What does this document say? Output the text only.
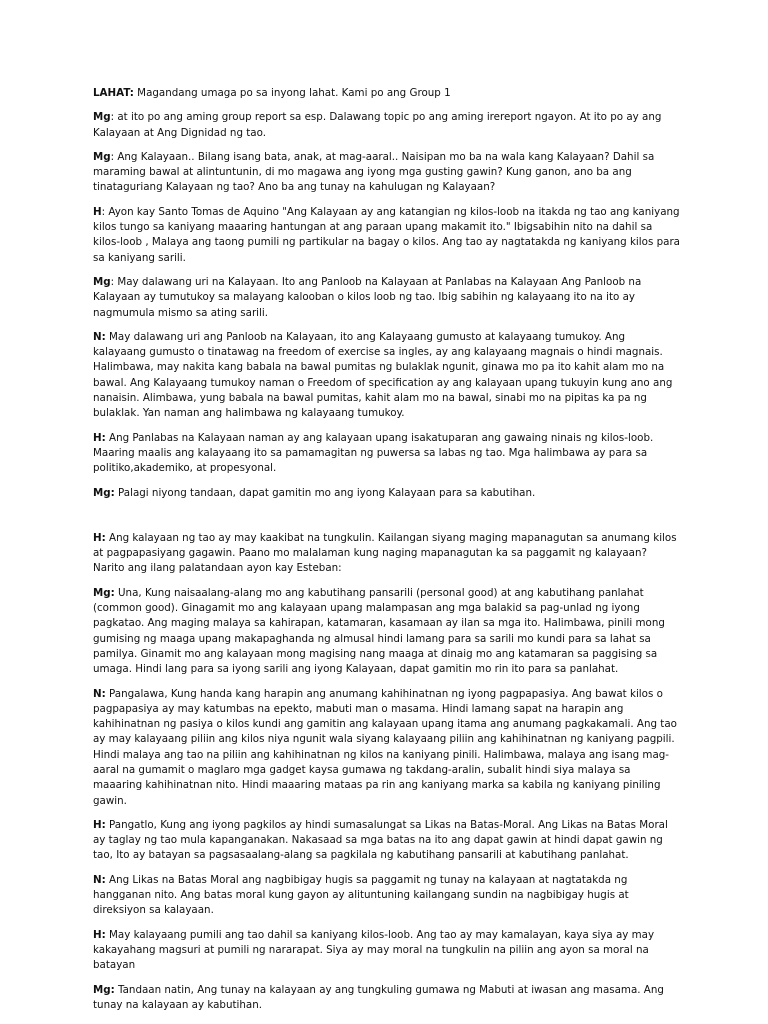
LAHAT: Magandang umaga po sa inyong lahat. Kami po ang Group 1

Mg: at ito po ang aming group report sa esp. Dalawang topic po ang aming irereport ngayon. At ito po ay ang Kalayaan at Ang Dignidad ng tao.

Mg: Ang Kalayaan.. Bilang isang bata, anak, at mag-aaral.. Naisipan mo ba na wala kang Kalayaan? Dahil sa maraming bawal at alintuntunin, di mo magawa ang iyong mga gusting gawin? Kung ganon, ano ba ang tinataguriang Kalayaan ng tao? Ano ba ang tunay na kahulugan ng Kalayaan?

H: Ayon kay Santo Tomas de Aquino "Ang Kalayaan ay ang katangian ng kilos-loob na itakda ng tao ang kaniyang kilos tungo sa kaniyang maaaring hantungan at ang paraan upang makamit ito." Ibigsabihin nito na dahil sa kilos-loob , Malaya ang taong pumili ng partikular na bagay o kilos. Ang tao ay nagtatakda ng kaniyang kilos para sa kaniyang sarili.

Mg: May dalawang uri na Kalayaan. Ito ang Panloob na Kalayaan at Panlabas na Kalayaan Ang Panloob na Kalayaan ay tumutukoy sa malayang kalooban o kilos loob ng tao. Ibig sabihin ng kalayaang ito na ito ay nagmumula mismo sa ating sarili.

N: May dalawang uri ang Panloob na Kalayaan, ito ang Kalayaang gumusto at kalayaang tumukoy. Ang kalayaang gumusto o tinatawag na freedom of exercise sa ingles, ay ang kalayaang magnais o hindi magnais. Halimbawa, may nakita kang babala na bawal pumitas ng bulaklak ngunit, ginawa mo pa ito kahit alam mo na bawal. Ang Kalayaang tumukoy naman o Freedom of specification ay ang kalayaan upang tukuyin kung ano ang nanaisin. Alimbawa, yung babala na bawal pumitas, kahit alam mo na bawal, sinabi mo na pipitas ka pa ng bulaklak. Yan naman ang halimbawa ng kalayaang tumukoy.

H: Ang Panlabas na Kalayaan naman ay ang kalayaan upang isakatuparan ang gawaing ninais ng kilos-loob. Maaring maalis ang kalayaang ito sa pamamagitan ng puwersa sa labas ng tao. Mga halimbawa ay para sa politiko,akademiko, at propesyonal.

Mg: Palagi niyong tandaan, dapat gamitin mo ang iyong Kalayaan para sa kabutihan.

H: Ang kalayaan ng tao ay may kaakibat na tungkulin. Kailangan siyang maging mapanagutan sa anumang kilos at pagpapasiyang gagawin. Paano mo malalaman kung naging mapanagutan ka sa paggamit ng kalayaan? Narito ang ilang palatandaan ayon kay Esteban:

Mg: Una, Kung naisaalang-alang mo ang kabutihang pansarili (personal good) at ang kabutihang panlahat (common good). Ginagamit mo ang kalayaan upang malampasan ang mga balakid sa pag-unlad ng iyong pagkatao. Ang maging malaya sa kahirapan, katamaran, kasamaan ay ilan sa mga ito. Halimbawa, pinili mong gumising ng maaga upang makapaghanda ng almusal hindi lamang para sa sarili mo kundi para sa lahat sa pamilya. Ginamit mo ang kalayaan mong magising nang maaga at dinaig mo ang katamaran sa paggising sa umaga. Hindi lang para sa iyong sarili ang iyong Kalayaan, dapat gamitin mo rin ito para sa panlahat.

N: Pangalawa, Kung handa kang harapin ang anumang kahihinatnan ng iyong pagpapasiya. Ang bawat kilos o pagpapasiya ay may katumbas na epekto, mabuti man o masama. Hindi lamang sapat na harapin ang kahihinatnan ng pasiya o kilos kundi ang gamitin ang kalayaan upang itama ang anumang pagkakamali. Ang tao ay may kalayaang piliin ang kilos niya ngunit wala siyang kalayaang piliin ang kahihinatnan ng kaniyang pagpili. Hindi malaya ang tao na piliin ang kahihinatnan ng kilos na kaniyang pinili. Halimbawa, malaya ang isang mag-aaral na gumamit o maglaro mga gadget kaysa gumawa ng takdang-aralin, subalit hindi siya malaya sa maaaring kahihinatnan nito. Hindi maaaring mataas pa rin ang kaniyang marka sa kabila ng kaniyang piniling gawin.

H: Pangatlo, Kung ang iyong pagkilos ay hindi sumasalungat sa Likas na Batas-Moral. Ang Likas na Batas Moral ay taglay ng tao mula kapanganakan. Nakasaad sa mga batas na ito ang dapat gawin at hindi dapat gawin ng tao, Ito ay batayan sa pagsasaalang-alang sa pagkilala ng kabutihang pansarili at kabutihang panlahat.

N: Ang Likas na Batas Moral ang nagbibigay hugis sa paggamit ng tunay na kalayaan at nagtatakda ng hangganan nito. Ang batas moral kung gayon ay alituntuning kailangang sundin na nagbibigay hugis at direksiyon sa kalayaan.

H: May kalayaang pumili ang tao dahil sa kaniyang kilos-loob. Ang tao ay may kamalayan, kaya siya ay may kakayahang magsuri at pumili ng nararapat. Siya ay may moral na tungkulin na piliin ang ayon sa moral na batayan

Mg: Tandaan natin, Ang tunay na kalayaan ay ang tungkuling gumawa ng Mabuti at iwasan ang masama. Ang tunay na kalayaan ay kabutihan.
